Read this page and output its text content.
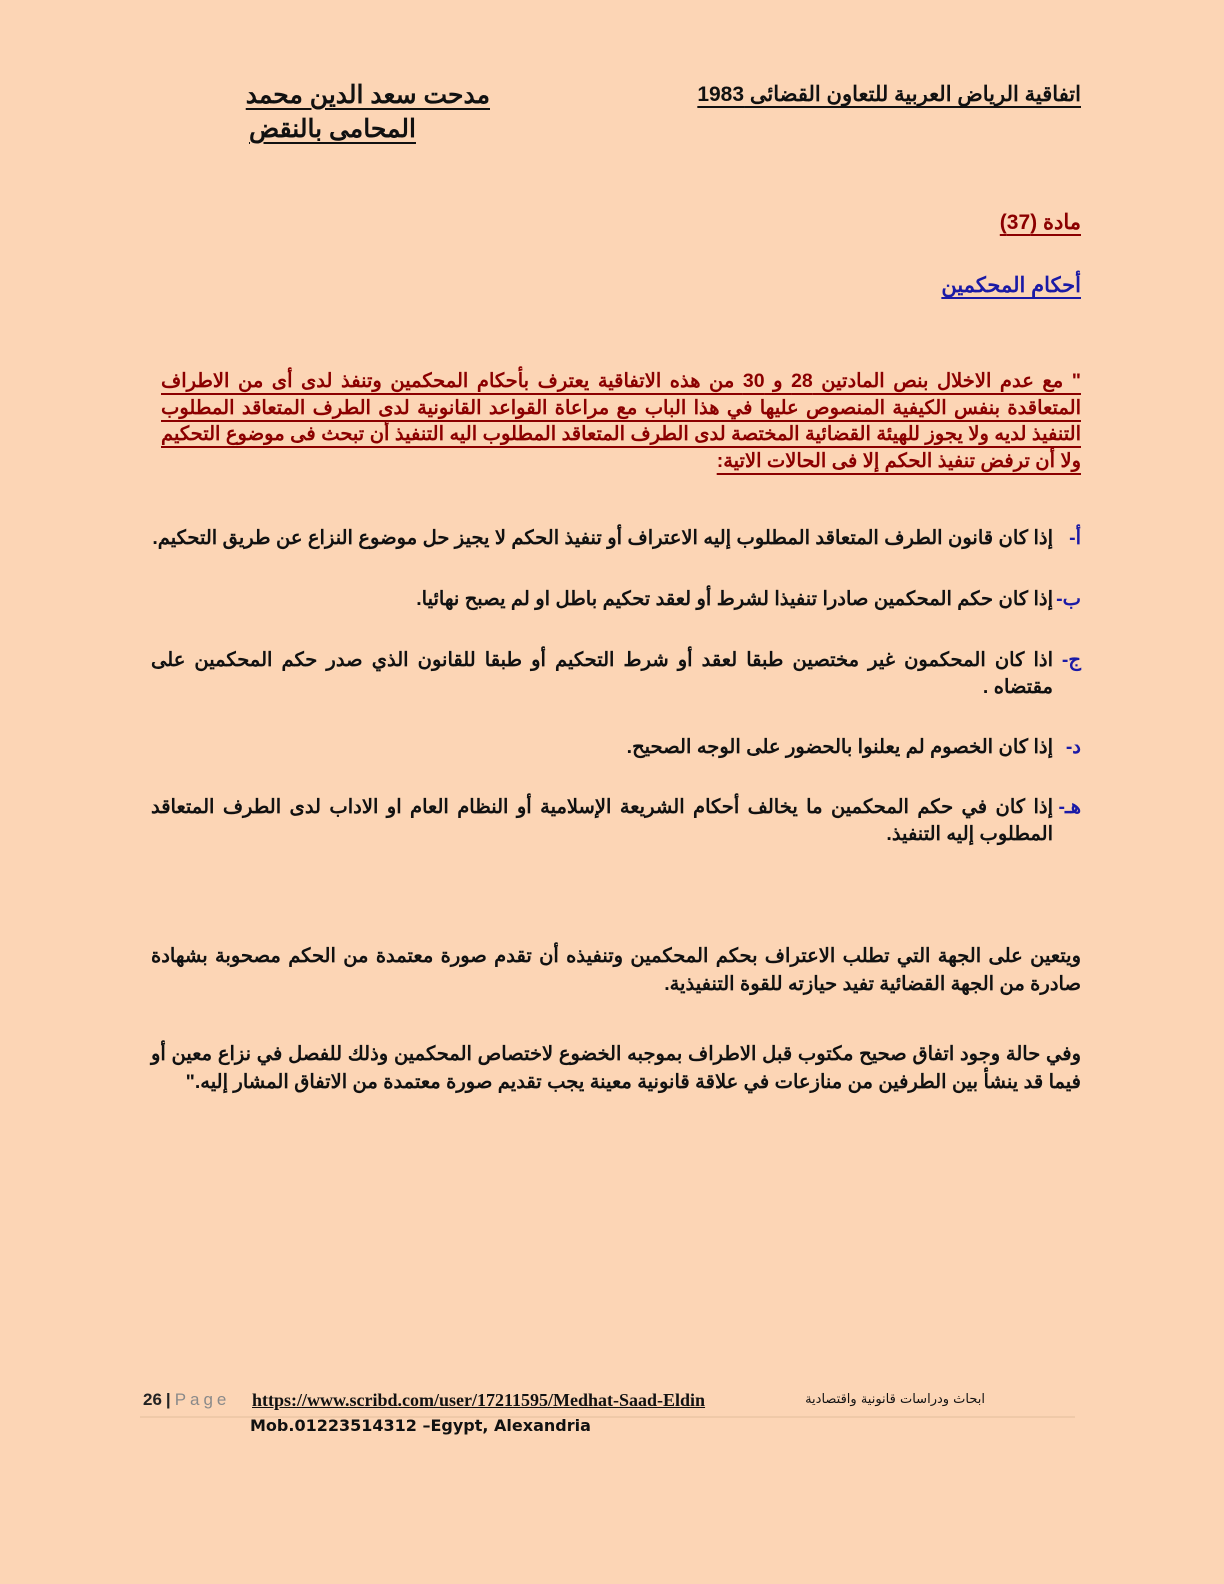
مدحت سعد الدين محمد
المحامى بالنقض
اتفاقية الرياض العربية للتعاون القضائى 1983
مادة (37)
أحكام المحكمين
" مع عدم الاخلال بنص المادتين 28 و 30 من هذه الاتفاقية يعترف بأحكام المحكمين وتنفذ لدى أى من الاطراف المتعاقدة بنفس الكيفية المنصوص عليها في هذا الباب مع مراعاة القواعد القانونية لدى الطرف المتعاقد المطلوب التنفيذ لديه ولا يجوز للهيئة القضائية المختصة لدى الطرف المتعاقد المطلوب اليه التنفيذ أن تبحث فى موضوع التحكيم ولا أن ترفض تنفيذ الحكم إلا فى الحالات الاتية:
أ-
إذا كان قانون الطرف المتعاقد المطلوب إليه الاعتراف أو تنفيذ الحكم لا يجيز حل موضوع النزاع عن طريق التحكيم.
ب-
إذا كان حكم المحكمين صادرا تنفيذا لشرط أو لعقد تحكيم باطل او لم يصبح نهائيا.
ج-
اذا كان المحكمون غير مختصين طبقا لعقد أو شرط التحكيم أو طبقا للقانون الذي صدر حكم المحكمين على مقتضاه .
د-
إذا كان الخصوم لم يعلنوا بالحضور على الوجه الصحيح.
هـ-
إذا كان في حكم المحكمين ما يخالف أحكام الشريعة الإسلامية أو النظام العام او الاداب لدى الطرف المتعاقد المطلوب إليه التنفيذ.
ويتعين على الجهة التي تطلب الاعتراف بحكم المحكمين وتنفيذه أن تقدم صورة معتمدة من الحكم مصحوبة بشهادة صادرة من الجهة القضائية تفيد حيازته للقوة التنفيذية.
وفي حالة وجود اتفاق صحيح مكتوب قبل الاطراف بموجبه الخضوع لاختصاص المحكمين وذلك للفصل في نزاع معين أو فيما قد ينشأ بين الطرفين من منازعات في علاقة قانونية معينة يجب تقديم صورة معتمدة من الاتفاق المشار إليه."
26 | Page https://www.scribd.com/user/17211595/Medhat-Saad-Eldin	ابحاث ودراسات قانونية واقتصادية
Mob.01223514312 –Egypt, Alexandria
